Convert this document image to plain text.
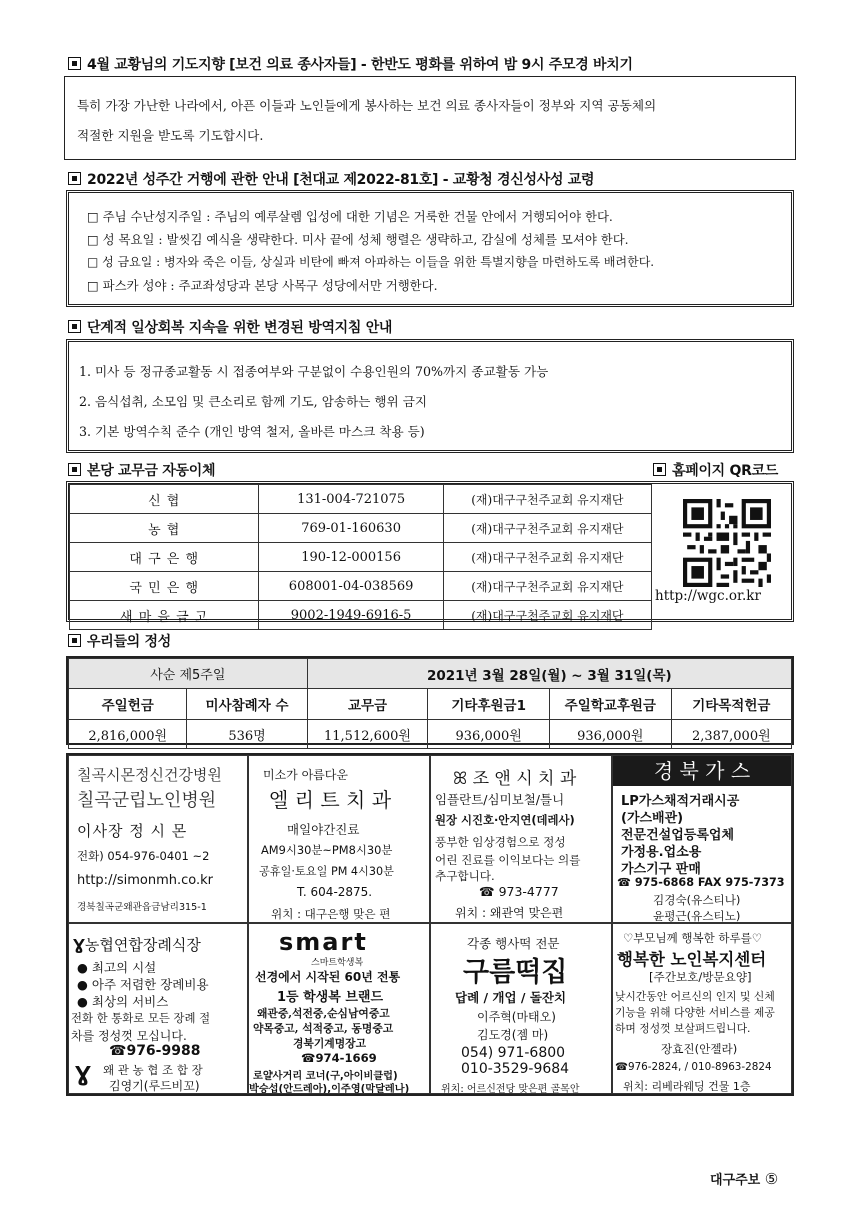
4월 교황님의 기도지향 [보건 의료 종사자들] - 한반도 평화를 위하여 밤 9시 주모경 바치기
특히 가장 가난한 나라에서, 아픈 이들과 노인들에게 봉사하는 보건 의료 종사자들이 정부와 지역 공동체의
적절한 지원을 받도록 기도합시다.
2022년 성주간 거행에 관한 안내 [천대교 제2022-81호] - 교황청 경신성사성 교령
□ 주님 수난성지주일 : 주님의 예루살렘 입성에 대한 기념은 거룩한 건물 안에서 거행되어야 한다.
□ 성 목요일 : 발씻김 예식을 생략한다. 미사 끝에 성체 행렬은 생략하고, 감실에 성체를 모셔야 한다.
□ 성 금요일 : 병자와 죽은 이들, 상실과 비탄에 빠져 아파하는 이들을 위한 특별지향을 마련하도록 배려한다.
□ 파스카 성야 : 주교좌성당과 본당 사목구 성당에서만 거행한다.
단계적 일상회복 지속을 위한 변경된 방역지침 안내
1. 미사 등 정규종교활동 시 접종여부와 구분없이 수용인원의 70%까지 종교활동 가능
2. 음식섭취, 소모임 및 큰소리로 함께 기도, 암송하는 행위 금지
3. 기본 방역수칙 준수 (개인 방역 철저, 올바른 마스크 착용 등)
본당 교무금 자동이체	홈페이지 QR코드
신 협	131-004-721075	(재)대구구천주교회 유지재단
농 협	769-01-160630	(재)대구구천주교회 유지재단
대 구 은 행	190-12-000156	(재)대구구천주교회 유지재단
국 민 은 행	608001-04-038569	(재)대구구천주교회 유지재단
새 마 을 금 고	9002-1949-6916-5	(재)대구구천주교회 유지재단
http://wgc.or.kr
우리들의 정성
사순 제5주일		2021년 3월 28일(월) ~ 3월 31일(목)			
주일헌금	미사참례자 수	교무금	기타후원금1	주일학교후원금	기타목적헌금
2,816,000원	536명	11,512,600원	936,000원	936,000원	2,387,000원
칠곡시몬정신건강병원
칠곡군립노인병원
이사장 정 시 몬
전화) 054-976-0401 ~2
http://simonmh.co.kr
경북칠곡군왜관읍금남리315-1
미소가 아름다운
엘 리 트 치 과
매일야간진료
AM9시30분~PM8시30분
공휴일·토요일 PM 4시30분
T. 604-2875.
위치 : 대구은행 맞은 편
ꕤ 조 앤 시 치 과
임플란트/심미보철/틀니
원장 시진호·안지연(데레사)
풍부한 임상경험으로 정성
어린 진료를 이익보다는 의를
추구합니다.
☎ 973-4777
위치 : 왜관역 맞은편
경 북 가 스
LP가스채적거래시공
(가스배관)
전문건설업등록업체
가정용.업소용
가스기구 판매
☎ 975-6868 FAX 975-7373
김경숙(유스티나)
윤평근(유스티노)
Ɣ농협연합장례식장
● 최고의 시설
● 아주 저렴한 장례비용
● 최상의 서비스
전화 한 통화로 모든 장례 절
차를 정성껏 모십니다.
☎976-9988
Ɣ 왜 관 농 협 조 합 장
김영기(루드비꼬)
smart
스마트학생복
선경에서 시작된 60년 전통
1등 학생복 브랜드
왜관중,석전중,순심남여중고
약목중고, 석적중고, 동명중고
경북기계명장고
☎974-1669
로얄사거리 코너(구,아이비클럽)
박승섭(안드레아),이주영(막달레나)
각종 행사떡 전문
구름떡집
답례 / 개업 / 돌잔치
이주혁(마태오)
김도경(젬 마)
054) 971-6800
010-3529-9684
위치: 어르신전당 맞은편 골목안
♡부모님께 행복한 하루를♡
행복한 노인복지센터
[주간보호/방문요양]
낮시간동안 어르신의 인지 및 신체
기능을 위해 다양한 서비스를 제공
하며 정성껏 보살펴드립니다.
장효진(안젤라)
☎976-2824, / 010-8963-2824
위치: 리베라웨딩 건물 1층
대구주보 ⑤
